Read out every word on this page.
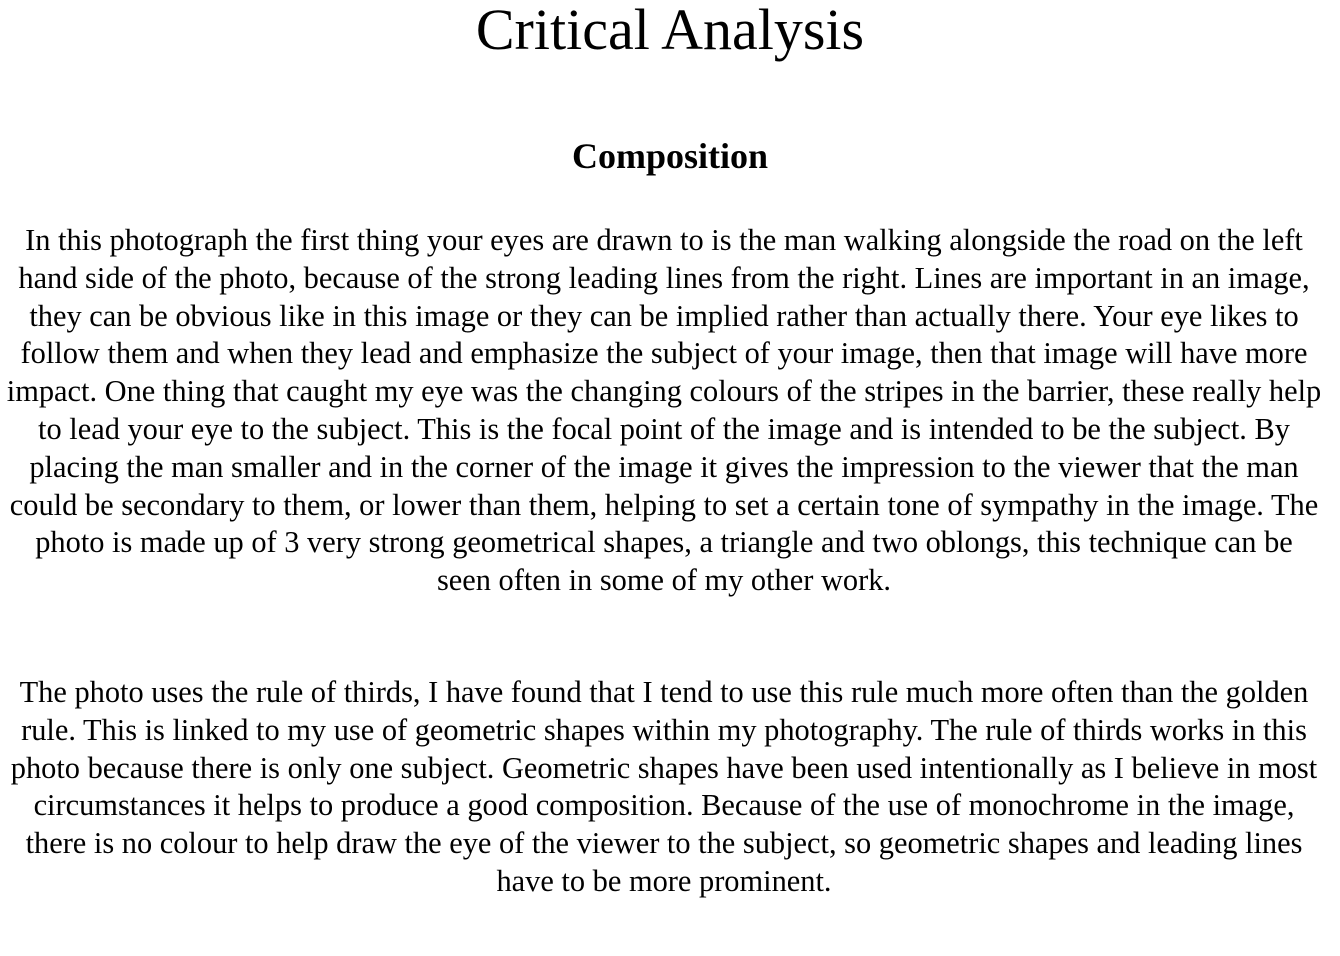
Critical Analysis
Composition

In this photograph the first thing your eyes are drawn to is the man walking alongside the road on the left hand side of the photo, because of the strong leading lines from the right. Lines are important in an image, they can be obvious like in this image or they can be implied rather than actually there. Your eye likes to follow them and when they lead and emphasize the subject of your image, then that image will have more impact. One thing that caught my eye was the changing colours of the stripes in the barrier, these really help to lead your eye to the subject. This is the focal point of the image and is intended to be the subject. By placing the man smaller and in the corner of the image it gives the impression to the viewer that the man could be secondary to them, or lower than them, helping to set a certain tone of sympathy in the image. The photo is made up of 3 very strong geometrical shapes, a triangle and two oblongs, this technique can be seen often in some of my other work.

The photo uses the rule of thirds, I have found that I tend to use this rule much more often than the golden rule. This is linked to my use of geometric shapes within my photography. The rule of thirds works in this photo because there is only one subject. Geometric shapes have been used intentionally as I believe in most circumstances it helps to produce a good composition. Because of the use of monochrome in the image, there is no colour to help draw the eye of the viewer to the subject, so geometric shapes and leading lines have to be more prominent.
